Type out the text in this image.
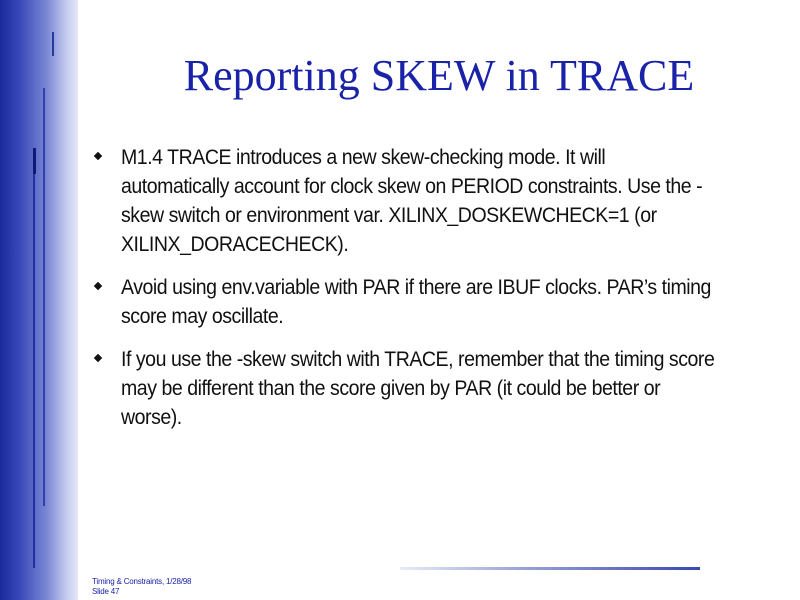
Reporting SKEW in TRACE
M1.4 TRACE introduces a new skew-checking mode. It will automatically account for clock skew on PERIOD constraints. Use the -skew switch or environment var. XILINX_DOSKEWCHECK=1 (or XILINX_DORACECHECK).
Avoid using env.variable with PAR if there are IBUF clocks. PAR’s timing score may oscillate.
If you use the -skew switch with TRACE, remember that the timing score may be different than the score given by PAR (it could be better or worse).
Timing & Constraints, 1/28/98
Slide 47
